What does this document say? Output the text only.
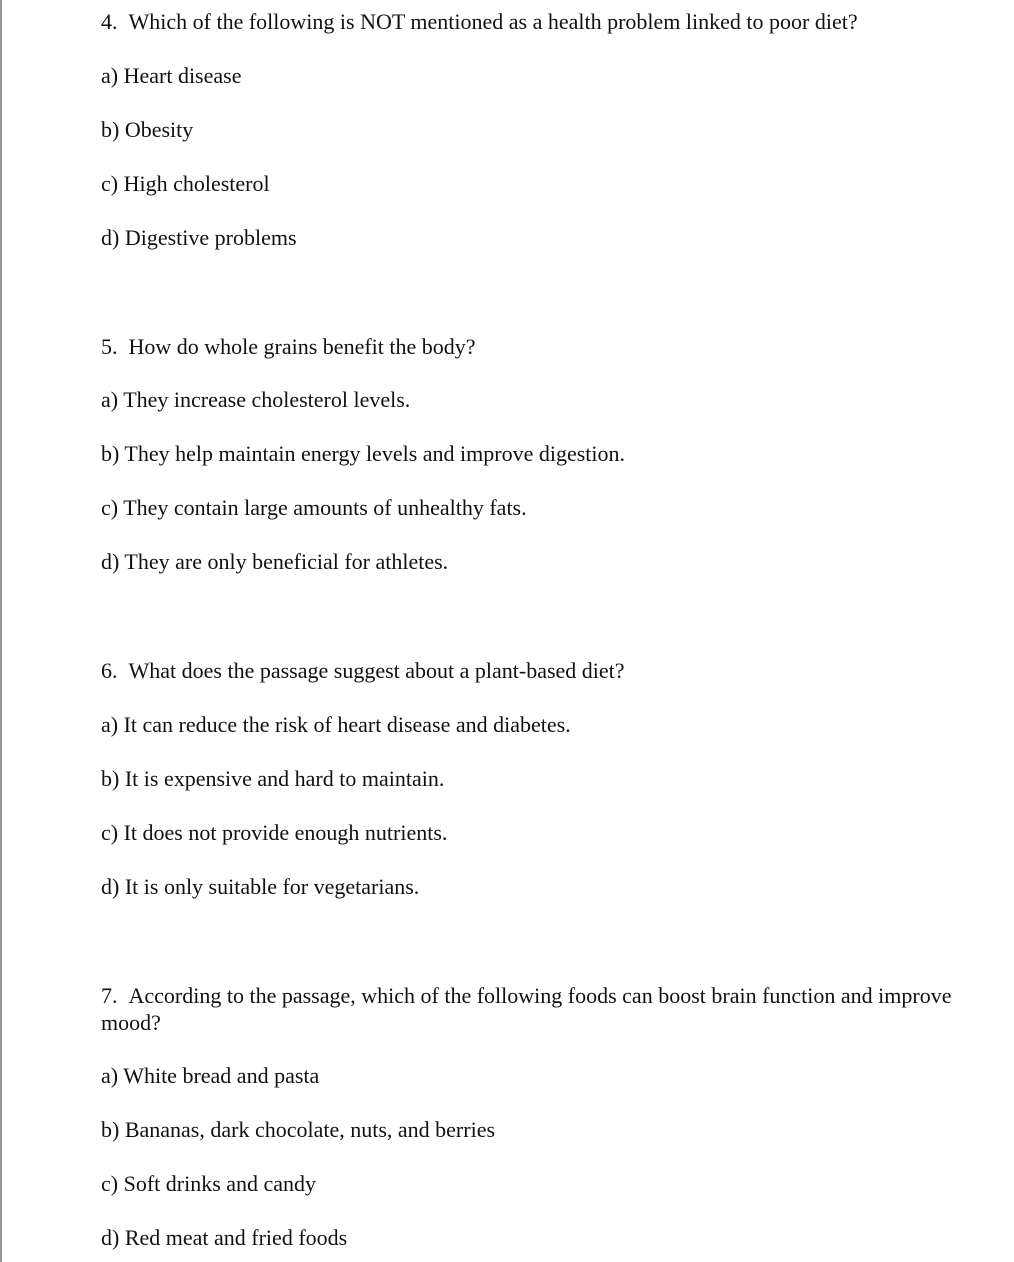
4. Which of the following is NOT mentioned as a health problem linked to poor diet?

a) Heart disease

b) Obesity

c) High cholesterol

d) Digestive problems

5. How do whole grains benefit the body?

a) They increase cholesterol levels.

b) They help maintain energy levels and improve digestion.

c) They contain large amounts of unhealthy fats.

d) They are only beneficial for athletes.

6. What does the passage suggest about a plant-based diet?

a) It can reduce the risk of heart disease and diabetes.

b) It is expensive and hard to maintain.

c) It does not provide enough nutrients.

d) It is only suitable for vegetarians.

7. According to the passage, which of the following foods can boost brain function and improve mood?

a) White bread and pasta

b) Bananas, dark chocolate, nuts, and berries

c) Soft drinks and candy

d) Red meat and fried foods
